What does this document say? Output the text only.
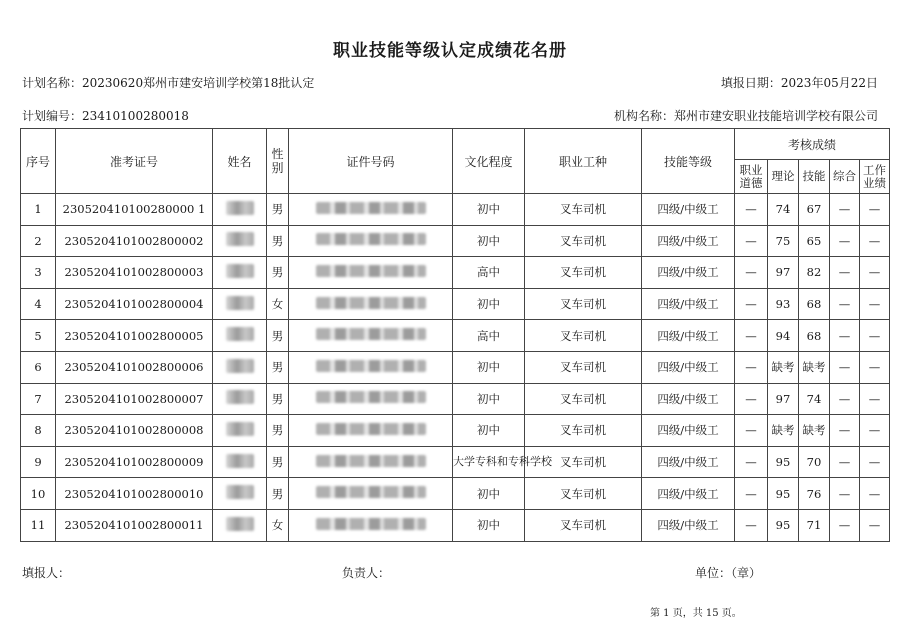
职业技能等级认定成绩花名册
计划名称：20230620郑州市建安培训学校第18批认定	填报日期：2023年05月22日
计划编号：23410100280018	机构名称：郑州市建安职业技能培训学校有限公司
序号	准考证号	姓名	性别	证件号码	文化程度	职业工种	技能等级	考核成绩				
								职业道德	理论	技能	综合	工作业绩
1	230520410100280000 1		男		初中	叉车司机	四级/中级工	—	74	67	—	—
2	2305204101002800002		男		初中	叉车司机	四级/中级工	—	75	65	—	—
3	2305204101002800003		男		高中	叉车司机	四级/中级工	—	97	82	—	—
4	2305204101002800004		女		初中	叉车司机	四级/中级工	—	93	68	—	—
5	2305204101002800005		男		高中	叉车司机	四级/中级工	—	94	68	—	—
6	2305204101002800006		男		初中	叉车司机	四级/中级工	—	缺考	缺考	—	—
7	2305204101002800007		男		初中	叉车司机	四级/中级工	—	97	74	—	—
8	2305204101002800008		男		初中	叉车司机	四级/中级工	—	缺考	缺考	—	—
9	2305204101002800009		男		大学专科和专科学校	叉车司机	四级/中级工	—	95	70	—	—
10	2305204101002800010		男		初中	叉车司机	四级/中级工	—	95	76	—	—
11	2305204101002800011		女		初中	叉车司机	四级/中级工	—	95	71	—	—
填报人：	负责人：	单位：（章）
第 1 页，共 15 页。
